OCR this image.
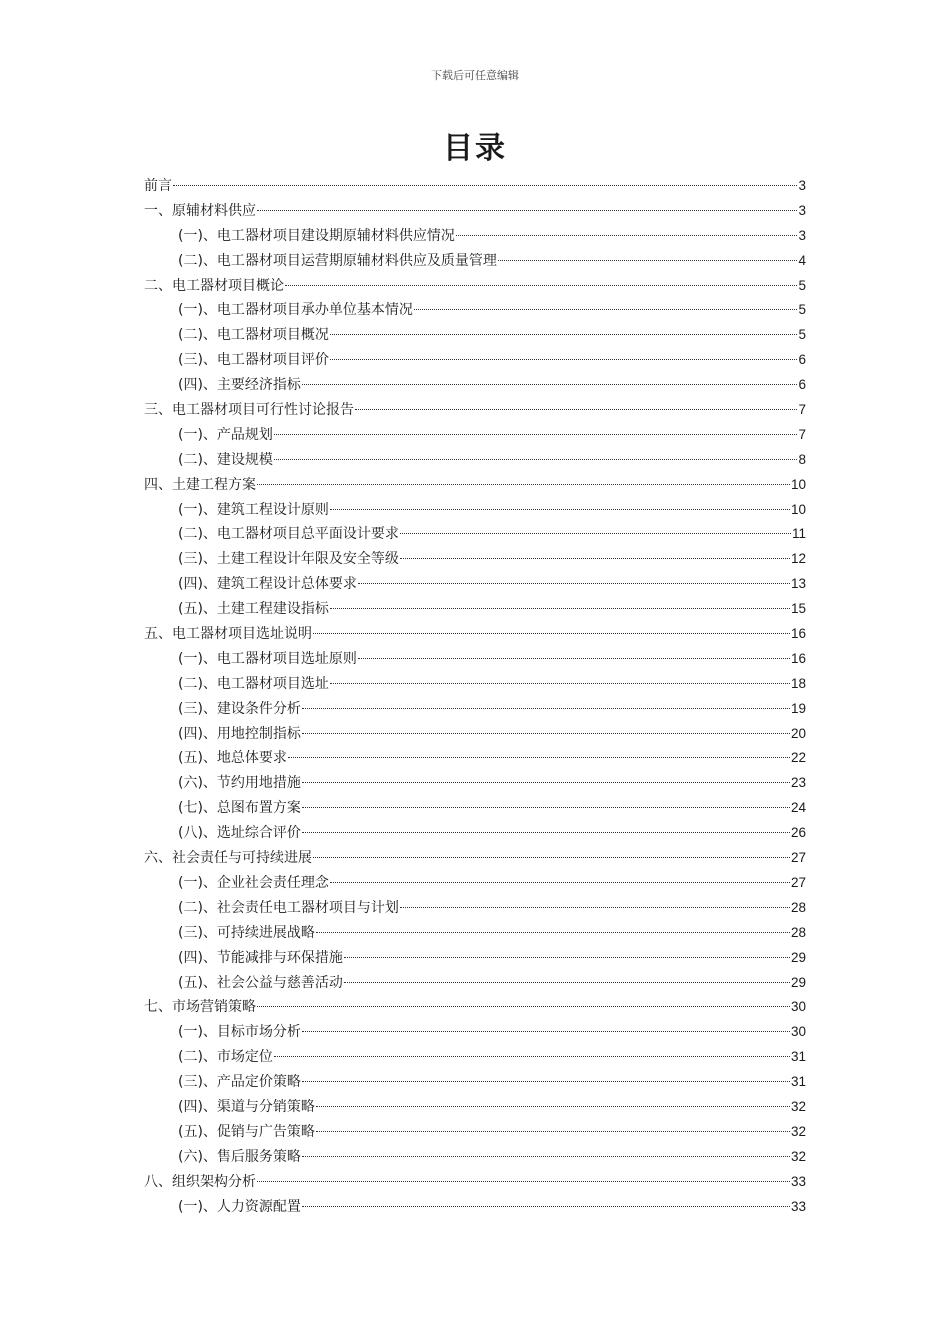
下载后可任意编辑
目录
前言	3
一、原辅材料供应	3
(一)、电工器材项目建设期原辅材料供应情况	3
(二)、电工器材项目运营期原辅材料供应及质量管理	4
二、电工器材项目概论	5
(一)、电工器材项目承办单位基本情况	5
(二)、电工器材项目概况	5
(三)、电工器材项目评价	6
(四)、主要经济指标	6
三、电工器材项目可行性讨论报告	7
(一)、产品规划	7
(二)、建设规模	8
四、土建工程方案	10
(一)、建筑工程设计原则	10
(二)、电工器材项目总平面设计要求	11
(三)、土建工程设计年限及安全等级	12
(四)、建筑工程设计总体要求	13
(五)、土建工程建设指标	15
五、电工器材项目选址说明	16
(一)、电工器材项目选址原则	16
(二)、电工器材项目选址	18
(三)、建设条件分析	19
(四)、用地控制指标	20
(五)、地总体要求	22
(六)、节约用地措施	23
(七)、总图布置方案	24
(八)、选址综合评价	26
六、社会责任与可持续进展	27
(一)、企业社会责任理念	27
(二)、社会责任电工器材项目与计划	28
(三)、可持续进展战略	28
(四)、节能减排与环保措施	29
(五)、社会公益与慈善活动	29
七、市场营销策略	30
(一)、目标市场分析	30
(二)、市场定位	31
(三)、产品定价策略	31
(四)、渠道与分销策略	32
(五)、促销与广告策略	32
(六)、售后服务策略	32
八、组织架构分析	33
(一)、人力资源配置	33
